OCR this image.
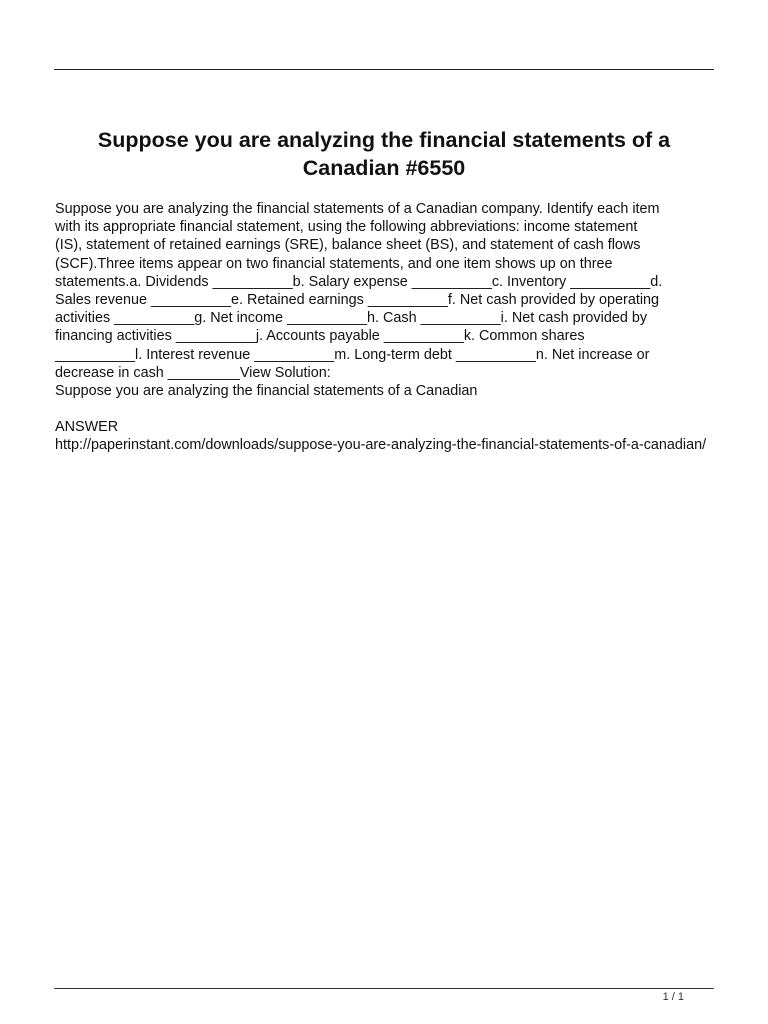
Suppose you are analyzing the financial statements of a Canadian #6550

Suppose you are analyzing the financial statements of a Canadian company. Identify each item
with its appropriate financial statement, using the following abbreviations: income statement
(IS), statement of retained earnings (SRE), balance sheet (BS), and statement of cash flows
(SCF).Three items appear on two financial statements, and one item shows up on three
statements.a. Dividends __________b. Salary expense __________c. Inventory __________d.
Sales revenue __________e. Retained earnings __________f. Net cash provided by operating
activities __________g. Net income __________h. Cash __________i. Net cash provided by
financing activities __________j. Accounts payable __________k. Common shares
__________l. Interest revenue __________m. Long-term debt __________n. Net increase or
decrease in cash _________View Solution:

Suppose you are analyzing the financial statements of a Canadian

ANSWER

http://paperinstant.com/downloads/suppose-you-are-analyzing-the-financial-statements-of-a-canadian/

1 / 1
